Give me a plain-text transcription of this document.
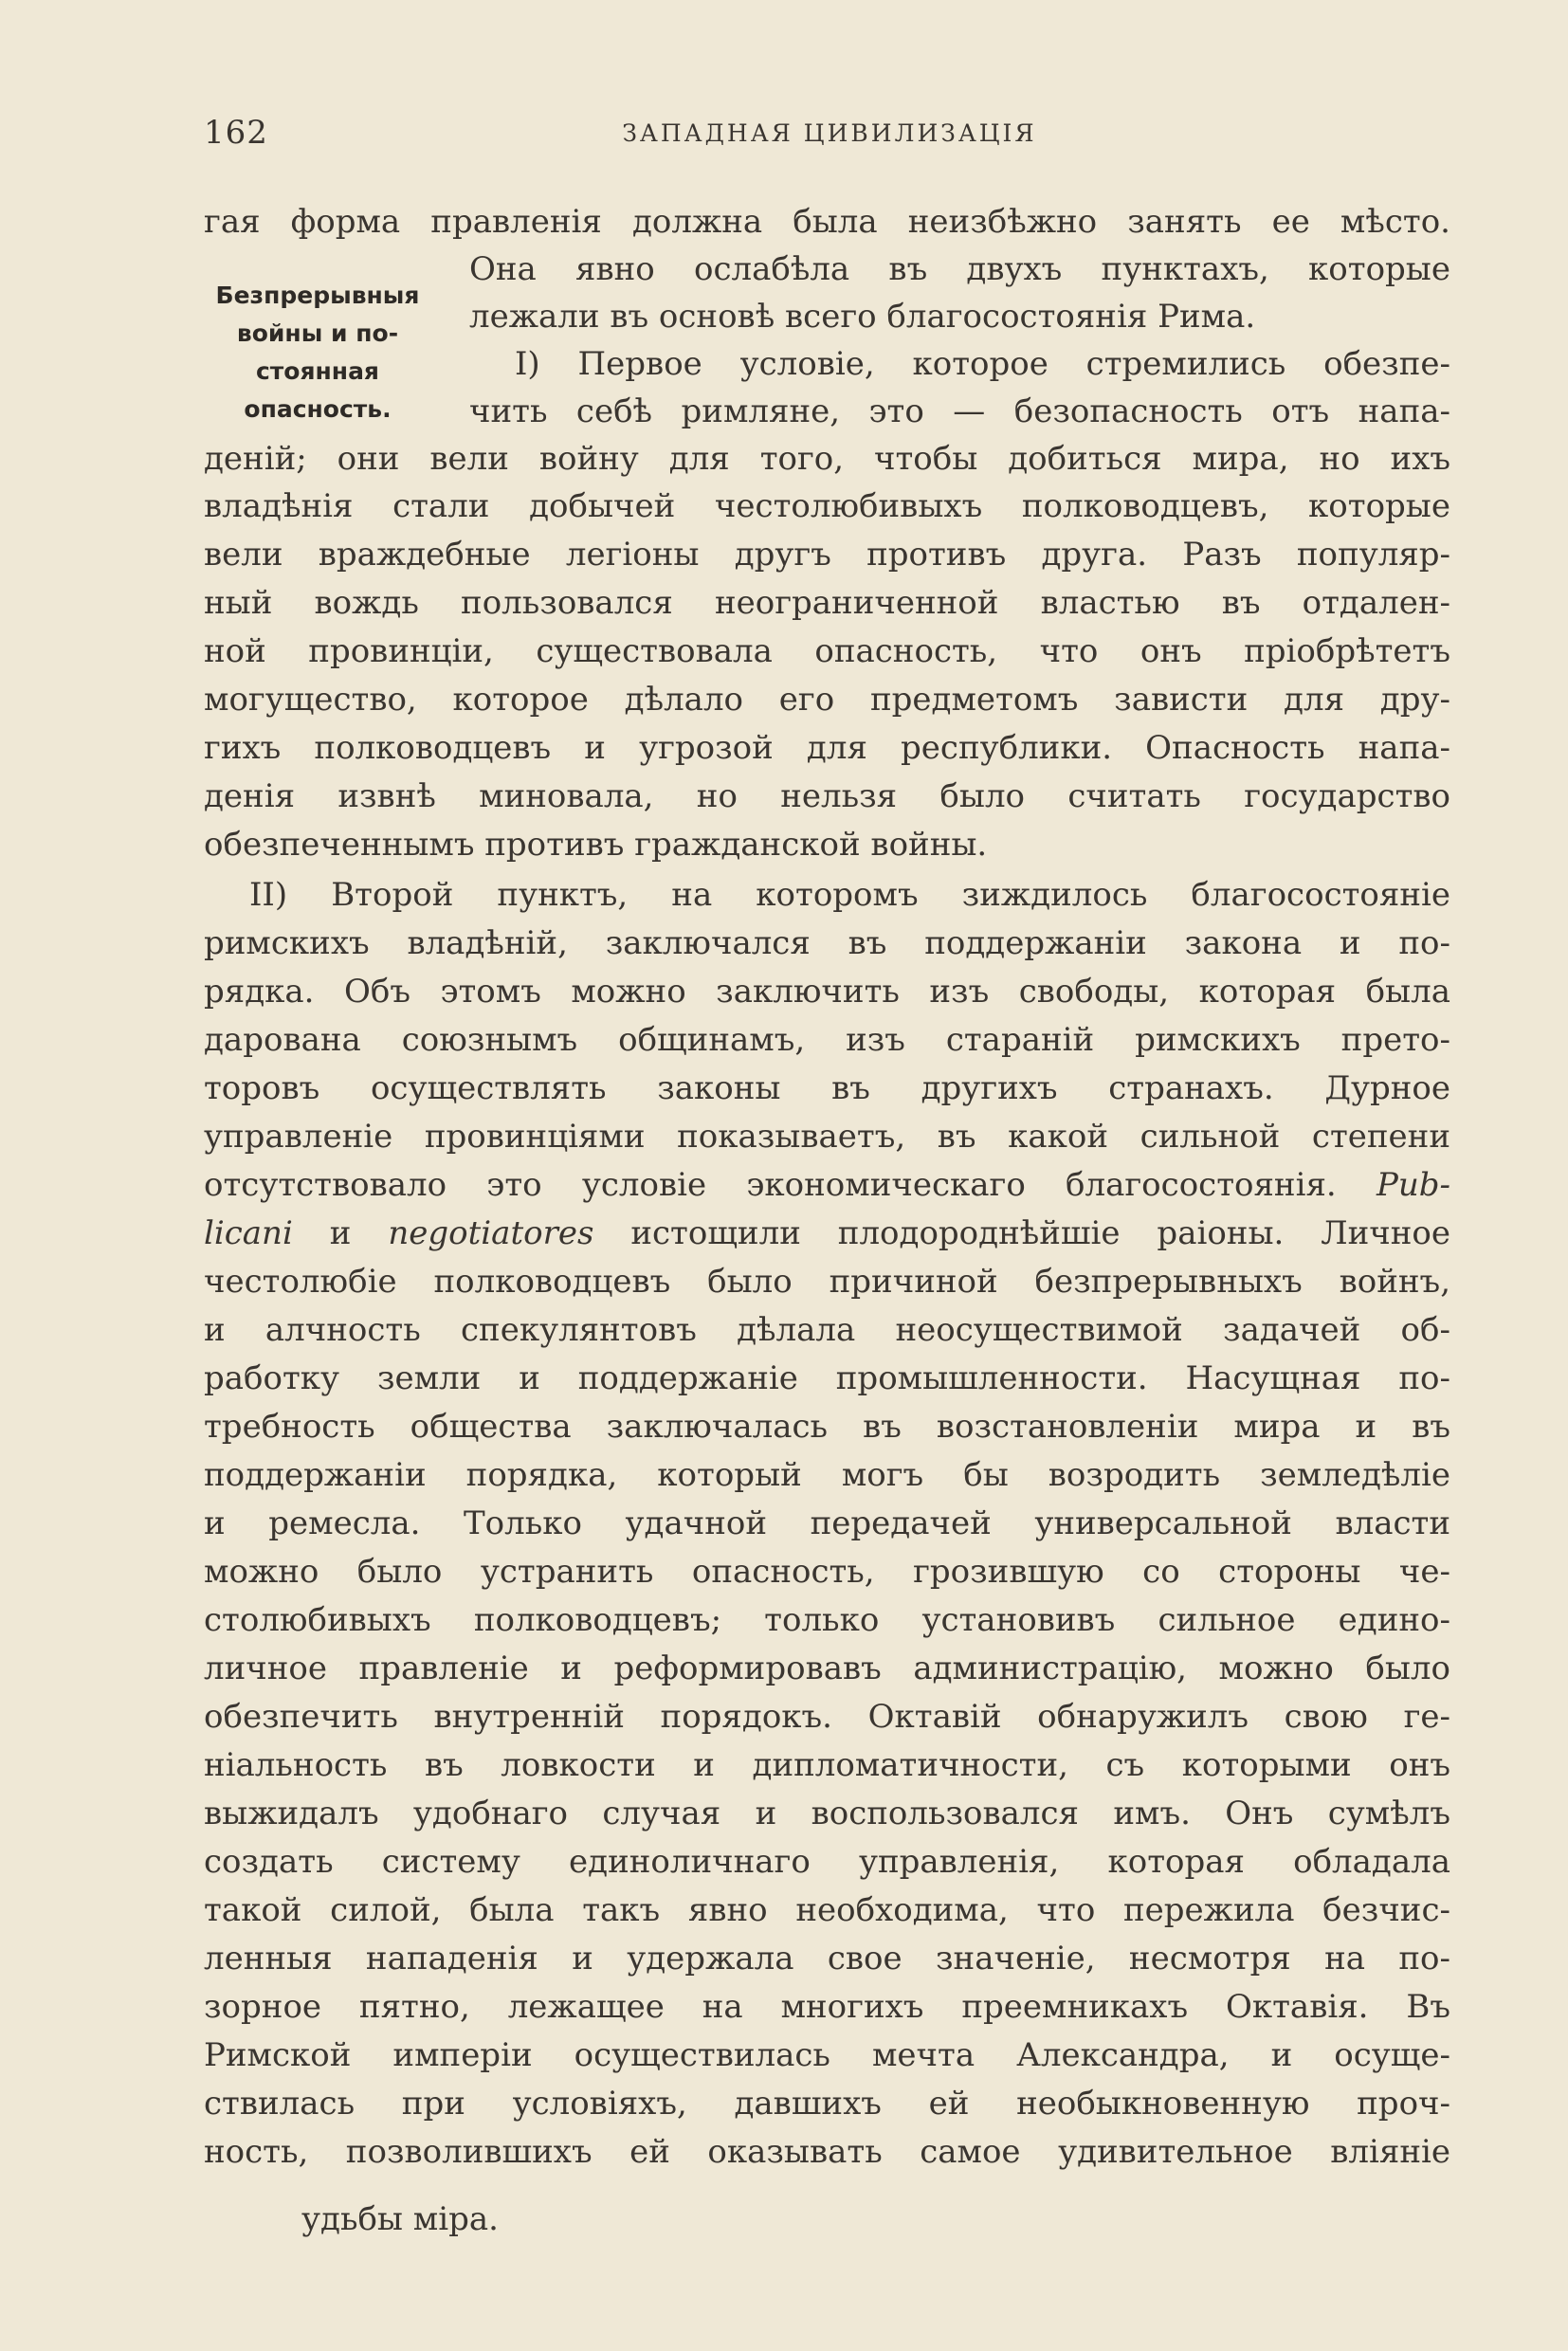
162	ЗАПАДНАЯ ЦИВИЛИЗАЦІЯ
Безпрерывныя
войны и по-
стоянная
опасность.
гая форма правленія должна была неизбѣжно занять ее мѣсто.
Она явно ослабѣла въ двухъ пунктахъ, которые
лежали въ основѣ всего благосостоянія Рима.
I) Первое условіе, которое стремились обезпе-
чить себѣ римляне, это — безопасность отъ напа-
деній; они вели войну для того, чтобы добиться мира, но ихъ
владѣнія стали добычей честолюбивыхъ полководцевъ, которые
вели враждебные легіоны другъ противъ друга. Разъ популяр-
ный вождь пользовался неограниченной властью въ отдален-
ной провинціи, существовала опасность, что онъ пріобрѣтетъ
могущество, которое дѣлало его предметомъ зависти для дру-
гихъ полководцевъ и угрозой для республики. Опасность напа-
денія извнѣ миновала, но нельзя было считать государство
обезпеченнымъ противъ гражданской войны.
II) Второй пунктъ, на которомъ зиждилось благосостояніе
римскихъ владѣній, заключался въ поддержаніи закона и по-
рядка. Объ этомъ можно заключить изъ свободы, которая была
дарована союзнымъ общинамъ, изъ стараній римскихъ прето-
торовъ осуществлять законы въ другихъ странахъ. Дурное
управленіе провинціями показываетъ, въ какой сильной степени
отсутствовало это условіе экономическаго благосостоянія. Pub-
licani и negotiatores истощили плодороднѣйшіе раіоны. Личное
честолюбіе полководцевъ было причиной безпрерывныхъ войнъ,
и алчность спекулянтовъ дѣлала неосуществимой задачей об-
работку земли и поддержаніе промышленности. Насущная по-
требность общества заключалась въ возстановленіи мира и въ
поддержаніи порядка, который могъ бы возродить земледѣліе
и ремесла. Только удачной передачей универсальной власти
можно было устранить опасность, грозившую со стороны че-
столюбивыхъ полководцевъ; только установивъ сильное едино-
личное правленіе и реформировавъ администрацію, можно было
обезпечить внутренній порядокъ. Октавій обнаружилъ свою ге-
ніальность въ ловкости и дипломатичности, съ которыми онъ
выжидалъ удобнаго случая и воспользовался имъ. Онъ сумѣлъ
создать систему единоличнаго управленія, которая обладала
такой силой, была такъ явно необходима, что пережила безчис-
ленныя нападенія и удержала свое значеніе, несмотря на по-
зорное пятно, лежащее на многихъ преемникахъ Октавія. Въ
Римской имперіи осуществилась мечта Александра, и осуще-
ствилась при условіяхъ, давшихъ ей необыкновенную проч-
ность, позволившихъ ей оказывать самое удивительное вліяніе
удьбы міра.
